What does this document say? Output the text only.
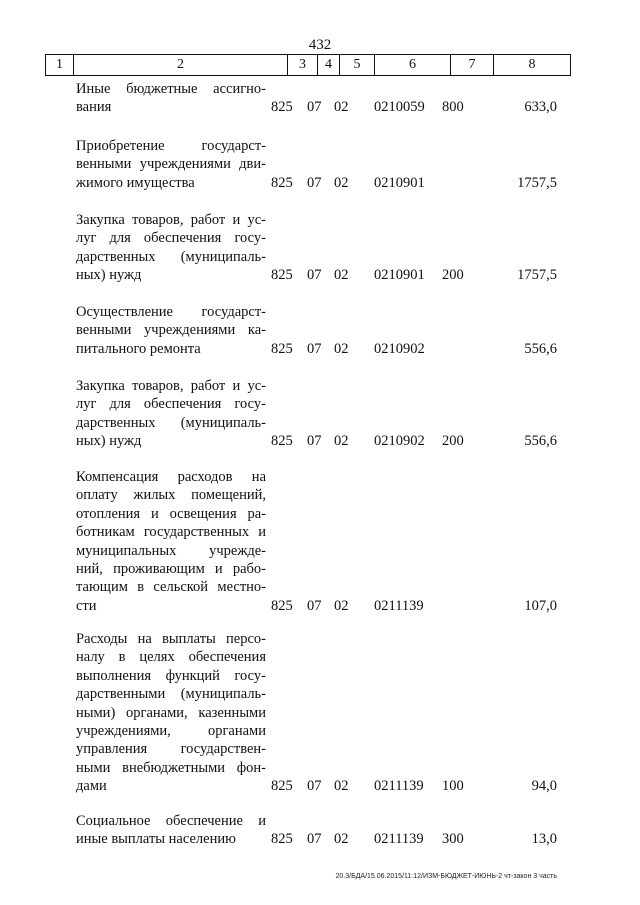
432
1	2	3	4	5	6	7	8
Иные бюджетные ассигно-
вания	825 07 02 0210059 800	633,0
Приобретение государст-
венными учреждениями дви-
жимого имущества	825 07 02 0210901	1757,5
Закупка товаров, работ и ус-
луг для обеспечения госу-
дарственных (муниципаль-
ных) нужд	825 07 02 0210901 200	1757,5
Осуществление государст-
венными учреждениями ка-
питального ремонта	825 07 02 0210902	556,6
Закупка товаров, работ и ус-
луг для обеспечения госу-
дарственных (муниципаль-
ных) нужд	825 07 02 0210902 200	556,6
Компенсация расходов на
оплату жилых помещений,
отопления и освещения ра-
ботникам государственных и
муниципальных учрежде-
ний, проживающим и рабо-
тающим в сельской местно-
сти	825 07 02 0211139	107,0
Расходы на выплаты персо-
налу в целях обеспечения
выполнения функций госу-
дарственными (муниципаль-
ными) органами, казенными
учреждениями, органами
управления государствен-
ными внебюджетными фон-
дами	825 07 02 0211139 100	94,0
Социальное обеспечение и
иные выплаты населению	825 07 02 0211139 300	13,0
20.3/БДА/15.06.2015/11:12/ИЗМ-БЮДЖЕТ-ИЮНЬ-2 чт-закон 3 часть
